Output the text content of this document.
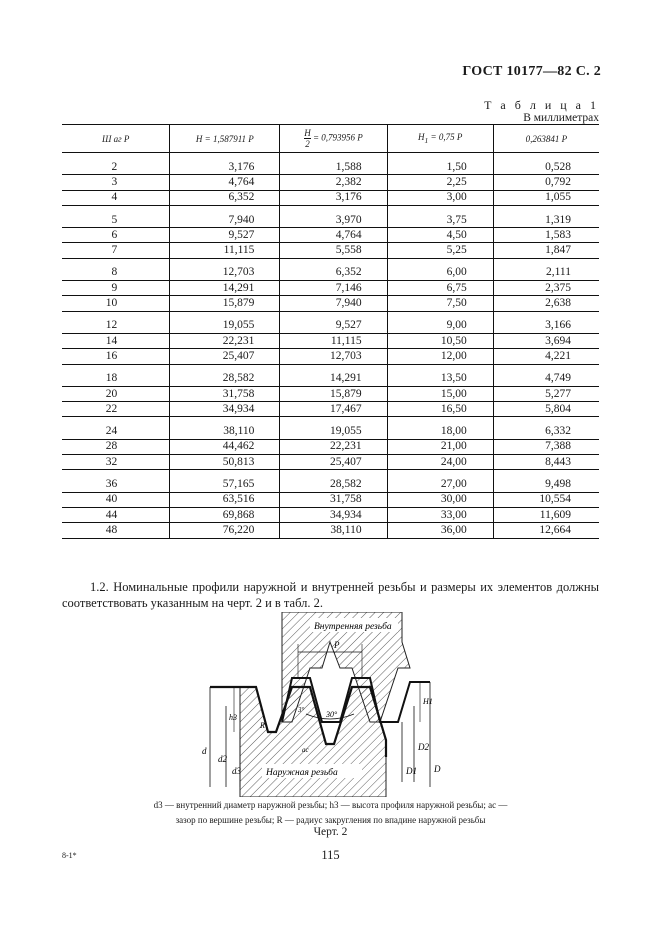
ГОСТ 10177—82 С. 2
Т а б л и ц а 1
В миллиметрах
Ш аг P	H = 1,587911 P	$\frac{H}{2} = 0,793956$ P	$H_1 = 0,75$ P	0,263841 P

2	3,176	1,588	1,50	0,528
3	4,764	2,382	2,25	0,792
4	6,352	3,176	3,00	1,055

5	7,940	3,970	3,75	1,319
6	9,527	4,764	4,50	1,583
7	11,115	5,558	5,25	1,847

8	12,703	6,352	6,00	2,111
9	14,291	7,146	6,75	2,375
10	15,879	7,940	7,50	2,638

12	19,055	9,527	9,00	3,166
14	22,231	11,115	10,50	3,694
16	25,407	12,703	12,00	4,221

18	28,582	14,291	13,50	4,749
20	31,758	15,879	15,00	5,277
22	34,934	17,467	16,50	5,804

24	38,110	19,055	18,00	6,332
28	44,462	22,231	21,00	7,388
32	50,813	25,407	24,00	8,443

36	57,165	28,582	27,00	9,498
40	63,516	31,758	30,00	10,554
44	69,868	34,934	33,00	11,609
48	76,220	38,110	36,00	12,664
1.2. Номинальные профили наружной и внутренней резьбы и размеры их элементов должны соответствовать указанным на черт. 2 и в табл. 2.
Внутренняя резьба
Наружная резьба
P
d
d2
d3
h3
H1
D1
D2
D
30°
3°
R
ac
d3 — внутренний диаметр наружной резьбы; h3 — высота профиля наружной резьбы; ac —
зазор по вершине резьбы; R — радиус закругления по впадине наружной резьбы
Черт. 2
115
8-1*
